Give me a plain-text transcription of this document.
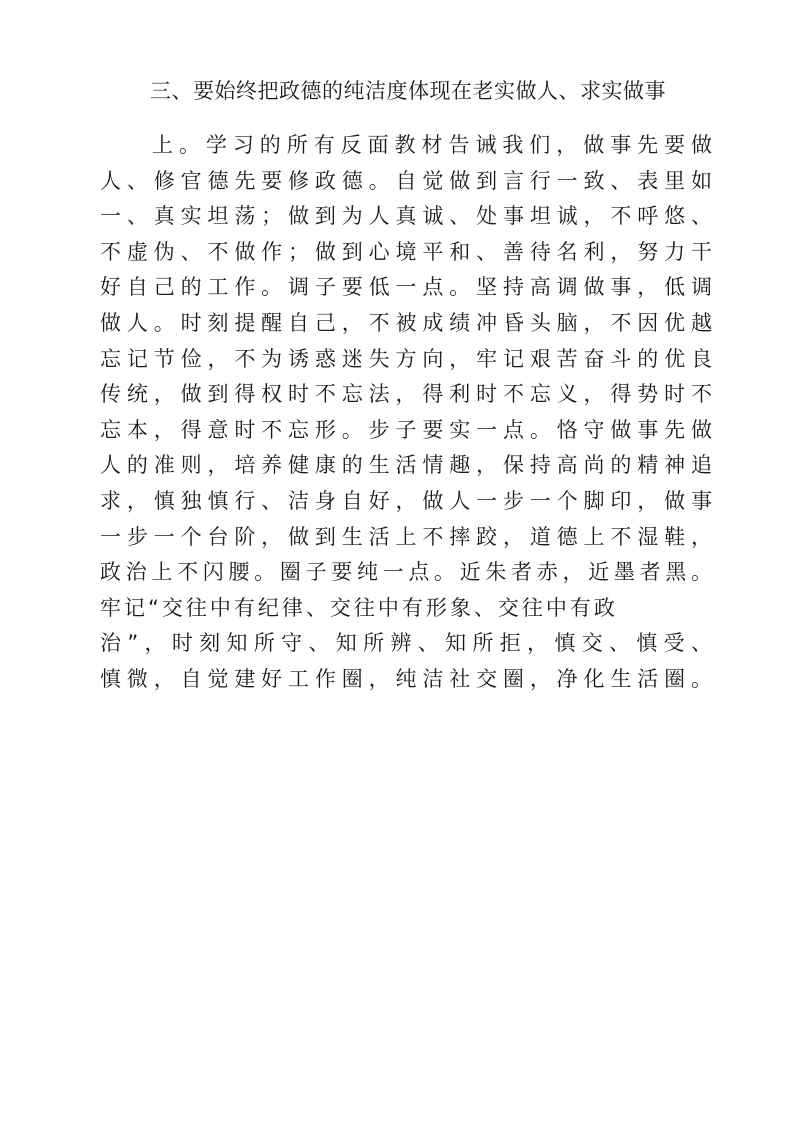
三、要始终把政德的纯洁度体现在老实做人、求实做事
上。学习的所有反面教材告诫我们，做事先要做
人、修官德先要修政德。自觉做到言行一致、表里如
一、真实坦荡；做到为人真诚、处事坦诚，不呼悠、
不虚伪、不做作；做到心境平和、善待名利，努力干
好自己的工作。调子要低一点。坚持高调做事，低调
做人。时刻提醒自己，不被成绩冲昏头脑，不因优越
忘记节俭，不为诱惑迷失方向，牢记艰苦奋斗的优良
传统，做到得权时不忘法，得利时不忘义，得势时不
忘本，得意时不忘形。步子要实一点。恪守做事先做
人的准则，培养健康的生活情趣，保持高尚的精神追
求，慎独慎行、洁身自好，做人一步一个脚印，做事
一步一个台阶，做到生活上不摔跤，道德上不湿鞋，
政治上不闪腰。圈子要纯一点。近朱者赤，近墨者黑。
牢记“交往中有纪律、交往中有形象、交往中有政
治”，时刻知所守、知所辨、知所拒，慎交、慎受、
慎微，自觉建好工作圈，纯洁社交圈，净化生活圈。
